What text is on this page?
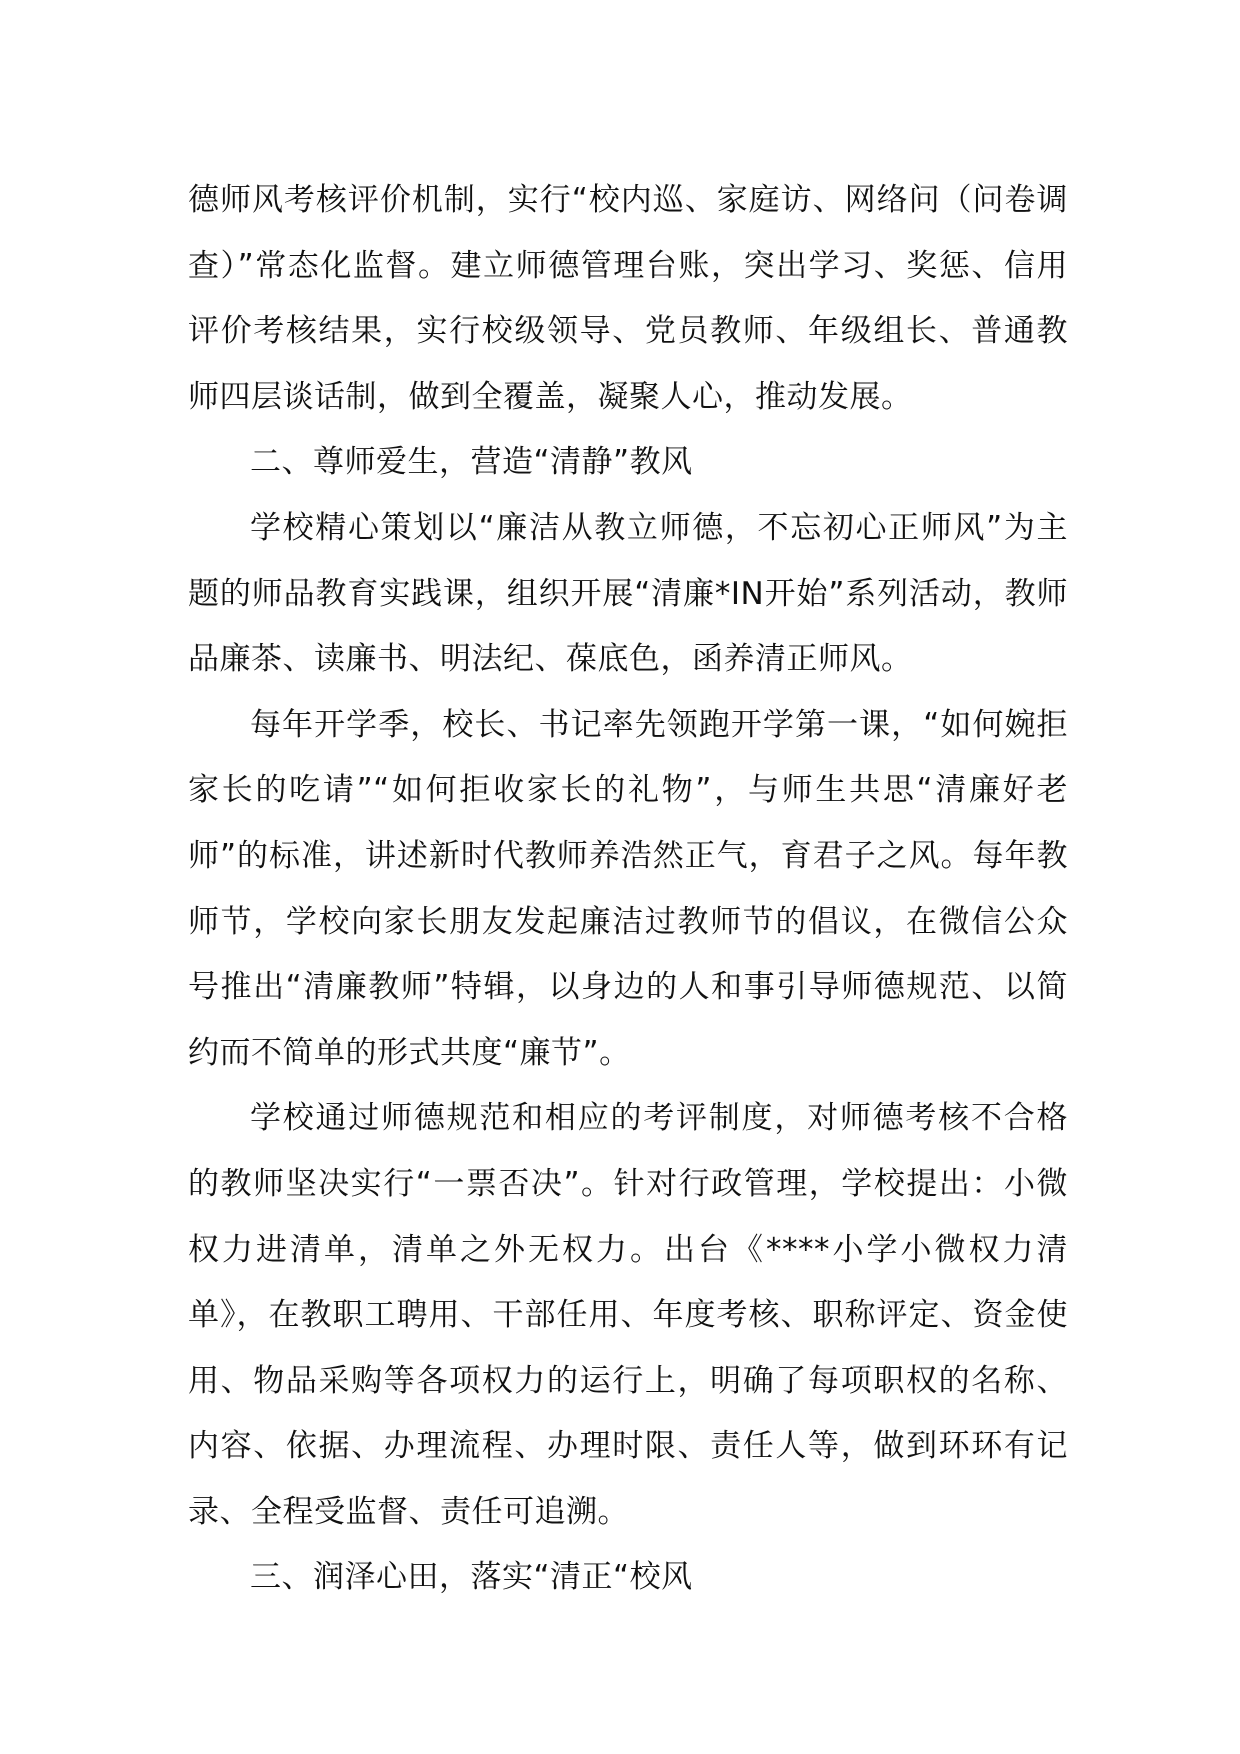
德师风考核评价机制，实行“校内巡、家庭访、网络问（问卷调查）”常态化监督。建立师德管理台账，突出学习、奖惩、信用评价考核结果，实行校级领导、党员教师、年级组长、普通教师四层谈话制，做到全覆盖，凝聚人心，推动发展。

二、尊师爱生，营造“清静”教风

学校精心策划以“廉洁从教立师德，不忘初心正师风”为主题的师品教育实践课，组织开展“清廉*IN开始”系列活动，教师品廉茶、读廉书、明法纪、葆底色，函养清正师风。

每年开学季，校长、书记率先领跑开学第一课，“如何婉拒家长的吃请”“如何拒收家长的礼物”，与师生共思“清廉好老师”的标准，讲述新时代教师养浩然正气，育君子之风。每年教师节，学校向家长朋友发起廉洁过教师节的倡议，在微信公众号推出“清廉教师”特辑，以身边的人和事引导师德规范、以简约而不简单的形式共度“廉节”。

学校通过师德规范和相应的考评制度，对师德考核不合格的教师坚决实行“一票否决”。针对行政管理，学校提出：小微权力进清单，清单之外无权力。出台《****小学小微权力清单》，在教职工聘用、干部任用、年度考核、职称评定、资金使用、物品采购等各项权力的运行上，明确了每项职权的名称、内容、依据、办理流程、办理时限、责任人等，做到环环有记录、全程受监督、责任可追溯。

三、润泽心田，落实“清正“校风
